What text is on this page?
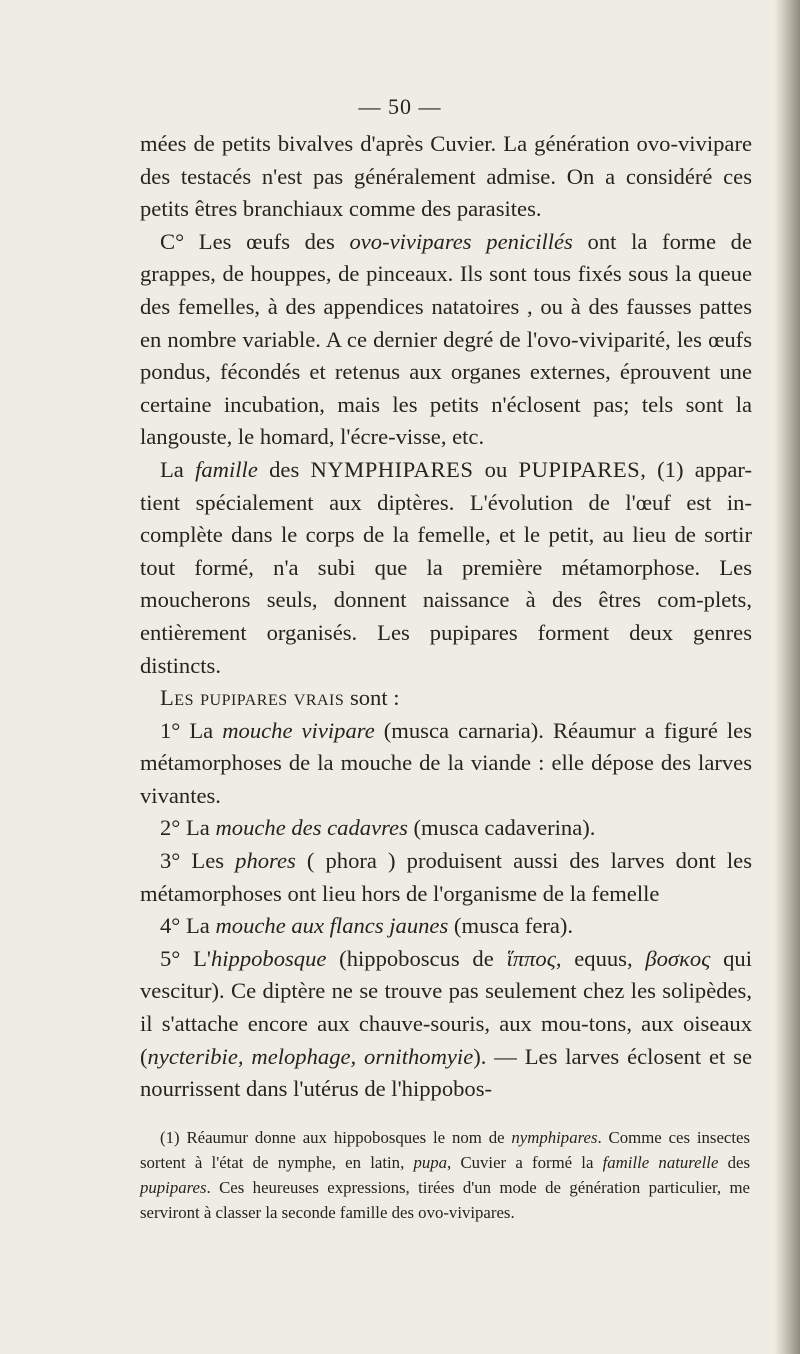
— 50 —

mées de petits bivalves d'après Cuvier. La génération ovo-vivipare des testacés n'est pas généralement admise. On a considéré ces petits êtres branchiaux comme des parasites.

C° Les œufs des ovo-vivipares penicillés ont la forme de grappes, de houppes, de pinceaux. Ils sont tous fixés sous la queue des femelles, à des appendices natatoires , ou à des fausses pattes en nombre variable. A ce dernier degré de l'ovo-viviparité, les œufs pondus, fécondés et retenus aux organes externes, éprouvent une certaine incubation, mais les petits n'éclosent pas; tels sont la langouste, le homard, l'écre-visse, etc.

La famille des NYMPHIPARES ou PUPIPARES, (1) appar-tient spécialement aux diptères. L'évolution de l'œuf est in-complète dans le corps de la femelle, et le petit, au lieu de sortir tout formé, n'a subi que la première métamorphose. Les moucherons seuls, donnent naissance à des êtres com-plets, entièrement organisés. Les pupipares forment deux genres distincts.

Les pupipares vrais sont :

1° La mouche vivipare (musca carnaria). Réaumur a figuré les métamorphoses de la mouche de la viande : elle dépose des larves vivantes.

2° La mouche des cadavres (musca cadaverina).

3° Les phores ( phora ) produisent aussi des larves dont les métamorphoses ont lieu hors de l'organisme de la femelle

4° La mouche aux flancs jaunes (musca fera).

5° L'hippobosque (hippoboscus de ἵππος, equus, βοσκος qui vescitur). Ce diptère ne se trouve pas seulement chez les solipèdes, il s'attache encore aux chauve-souris, aux mou-tons, aux oiseaux (nycteribie, melophage, ornithomyie). — Les larves éclosent et se nourrissent dans l'utérus de l'hippobos-

(1) Réaumur donne aux hippobosques le nom de nymphipares. Comme ces insectes sortent à l'état de nymphe, en latin, pupa, Cuvier a formé la famille naturelle des pupipares. Ces heureuses expressions, tirées d'un mode de génération particulier, me serviront à classer la seconde famille des ovo-vivipares.
